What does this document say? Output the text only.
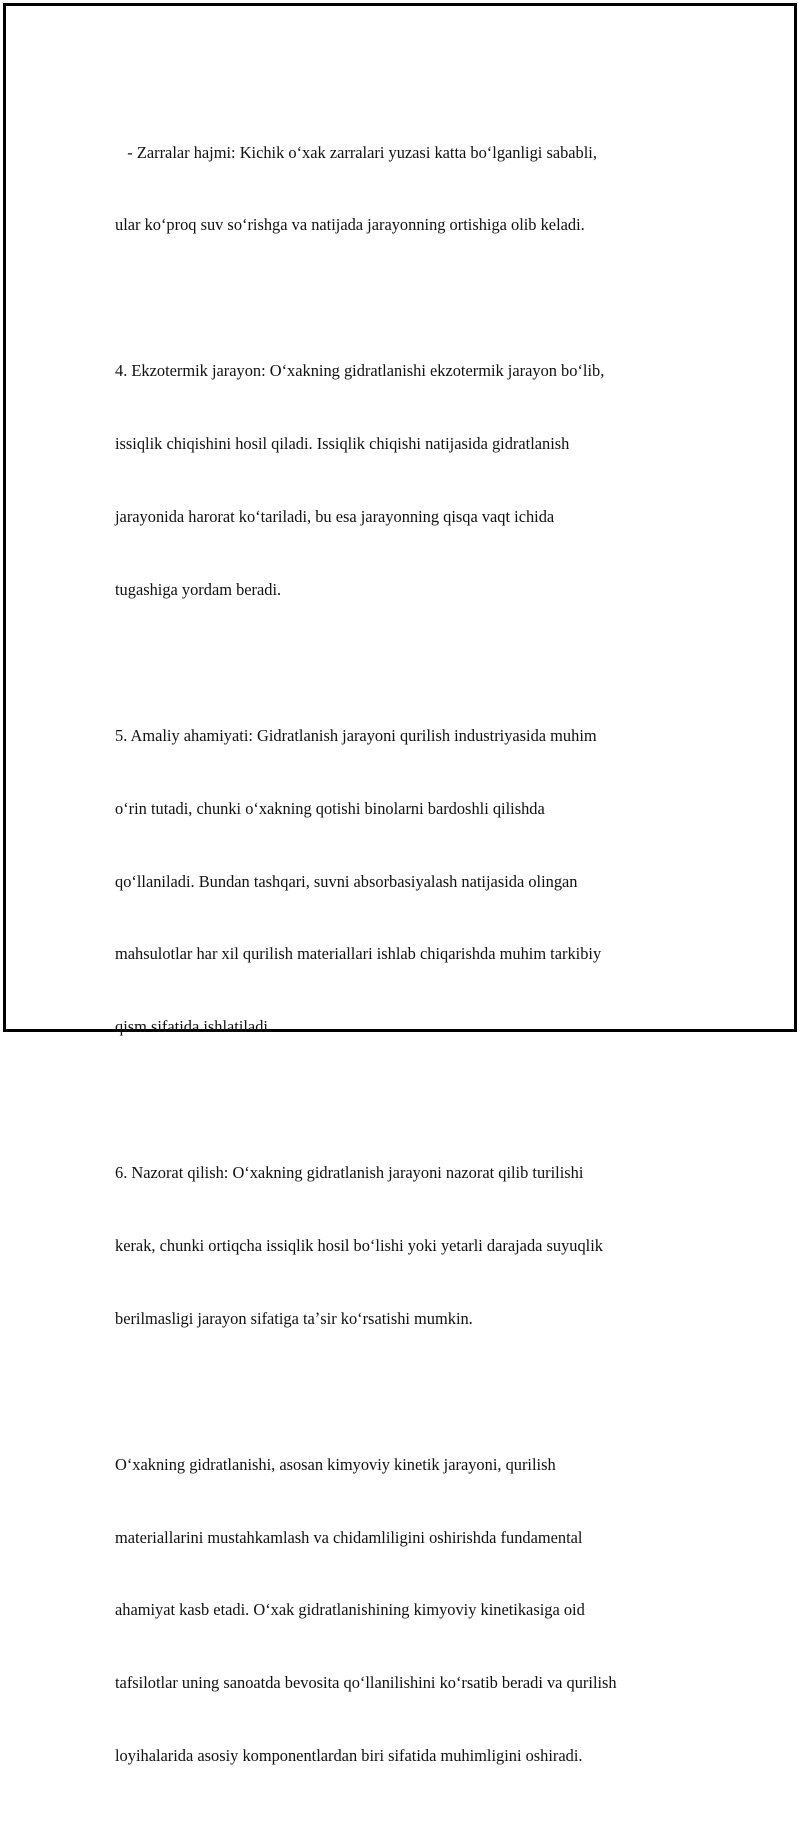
- Zarralar hajmi: Kichik oʻxak zarralari yuzasi katta boʻlganligi sababli,

ular koʻproq suv soʻrishga va natijada jarayonning ortishiga olib keladi.

4. Ekzotermik jarayon: Oʻxakning gidratlanishi ekzotermik jarayon boʻlib,

issiqlik chiqishini hosil qiladi. Issiqlik chiqishi natijasida gidratlanish

jarayonida harorat koʻtariladi, bu esa jarayonning qisqa vaqt ichida

tugashiga yordam beradi.

5. Amaliy ahamiyati: Gidratlanish jarayoni qurilish industriyasida muhim

oʻrin tutadi, chunki oʻxakning qotishi binolarni bardoshli qilishda

qoʻllaniladi. Bundan tashqari, suvni absorbasiyalash natijasida olingan

mahsulotlar har xil qurilish materiallari ishlab chiqarishda muhim tarkibiy

qism sifatida ishlatiladi.

6. Nazorat qilish: Oʻxakning gidratlanish jarayoni nazorat qilib turilishi

kerak, chunki ortiqcha issiqlik hosil boʻlishi yoki yetarli darajada suyuqlik

berilmasligi jarayon sifatiga taʼsir koʻrsatishi mumkin.

Oʻxakning gidratlanishi, asosan kimyoviy kinetik jarayoni, qurilish

materiallarini mustahkamlash va chidamliligini oshirishda fundamental

ahamiyat kasb etadi. Oʻxak gidratlanishining kimyoviy kinetikasiga oid

tafsilotlar uning sanoatda bevosita qoʻllanilishini koʻrsatib beradi va qurilish

loyihalarida asosiy komponentlardan biri sifatida muhimligini oshiradi.
